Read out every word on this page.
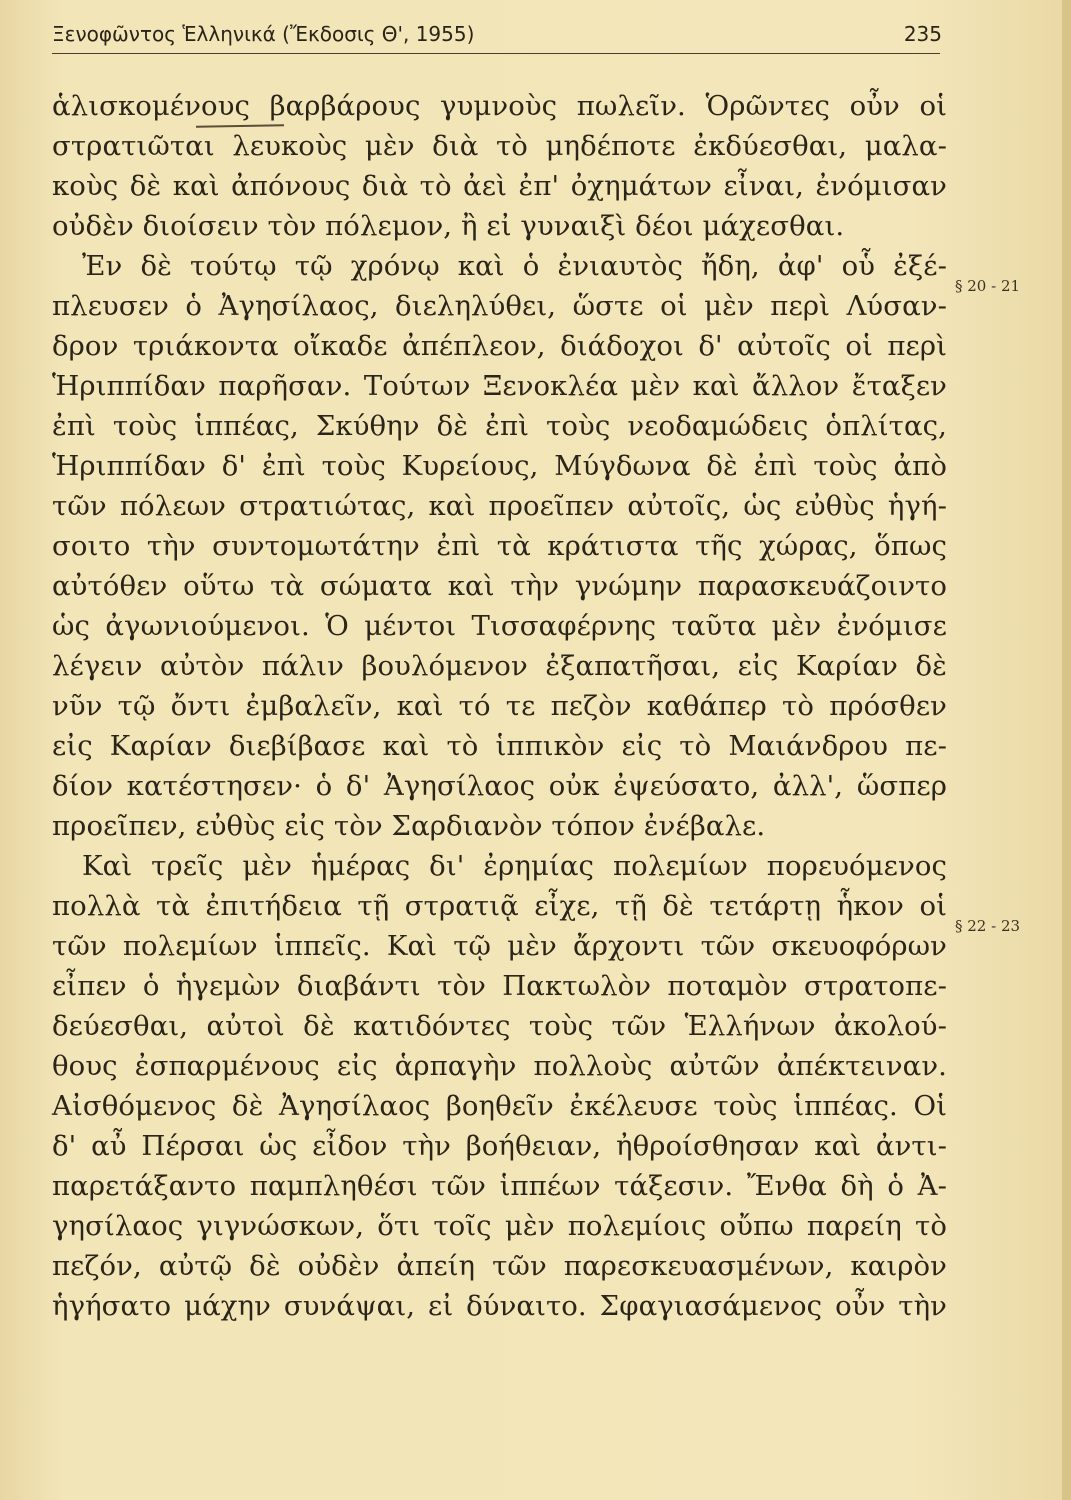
Ξενοφῶντος Ἑλληνικά (Ἔκδοσις Θ', 1955)	235
ἁλισκομένους βαρβάρους γυμνοὺς πωλεῖν. Ὁρῶντες οὖν οἱ
στρατιῶται λευκοὺς μὲν διὰ τὸ μηδέποτε ἐκδύεσθαι, μαλα-
κοὺς δὲ καὶ ἀπόνους διὰ τὸ ἀεὶ ἐπ' ὀχημάτων εἶναι, ἐνόμισαν
οὐδὲν διοίσειν τὸν πόλεμον, ἢ εἰ γυναιξὶ δέοι μάχεσθαι.
Ἐν δὲ τούτῳ τῷ χρόνῳ καὶ ὁ ἐνιαυτὸς ἤδη, ἀφ' οὗ ἐξέ-
πλευσεν ὁ Ἀγησίλαος, διεληλύθει, ὥστε οἱ μὲν περὶ Λύσαν-
δρον τριάκοντα οἴκαδε ἀπέπλεον, διάδοχοι δ' αὐτοῖς οἱ περὶ
Ἡριππίδαν παρῆσαν. Τούτων Ξενοκλέα μὲν καὶ ἄλλον ἔταξεν
ἐπὶ τοὺς ἱππέας, Σκύθην δὲ ἐπὶ τοὺς νεοδαμώδεις ὁπλίτας,
Ἡριππίδαν δ' ἐπὶ τοὺς Κυρείους, Μύγδωνα δὲ ἐπὶ τοὺς ἀπὸ
τῶν πόλεων στρατιώτας, καὶ προεῖπεν αὐτοῖς, ὡς εὐθὺς ἡγή-
σοιτο τὴν συντομωτάτην ἐπὶ τὰ κράτιστα τῆς χώρας, ὅπως
αὐτόθεν οὕτω τὰ σώματα καὶ τὴν γνώμην παρασκευάζοιντο
ὡς ἀγωνιούμενοι. Ὁ μέντοι Τισσαφέρνης ταῦτα μὲν ἐνόμισε
λέγειν αὐτὸν πάλιν βουλόμενον ἐξαπατῆσαι, εἰς Καρίαν δὲ
νῦν τῷ ὄντι ἐμβαλεῖν, καὶ τό τε πεζὸν καθάπερ τὸ πρόσθεν
εἰς Καρίαν διεβίβασε καὶ τὸ ἱππικὸν εἰς τὸ Μαιάνδρου πε-
δίον κατέστησεν· ὁ δ' Ἀγησίλαος οὐκ ἐψεύσατο, ἀλλ', ὥσπερ
προεῖπεν, εὐθὺς εἰς τὸν Σαρδιανὸν τόπον ἐνέβαλε.
Καὶ τρεῖς μὲν ἡμέρας δι' ἐρημίας πολεμίων πορευόμενος
πολλὰ τὰ ἐπιτήδεια τῇ στρατιᾷ εἶχε, τῇ δὲ τετάρτῃ ἧκον οἱ
τῶν πολεμίων ἱππεῖς. Καὶ τῷ μὲν ἄρχοντι τῶν σκευοφόρων
εἶπεν ὁ ἡγεμὼν διαβάντι τὸν Πακτωλὸν ποταμὸν στρατοπε-
δεύεσθαι, αὐτοὶ δὲ κατιδόντες τοὺς τῶν Ἑλλήνων ἀκολού-
θους ἐσπαρμένους εἰς ἁρπαγὴν πολλοὺς αὐτῶν ἀπέκτειναν.
Αἰσθόμενος δὲ Ἀγησίλαος βοηθεῖν ἐκέλευσε τοὺς ἱππέας. Οἱ
δ' αὖ Πέρσαι ὡς εἶδον τὴν βοήθειαν, ἠθροίσθησαν καὶ ἀντι-
παρετάξαντο παμπληθέσι τῶν ἱππέων τάξεσιν. Ἔνθα δὴ ὁ Ἀ-
γησίλαος γιγνώσκων, ὅτι τοῖς μὲν πολεμίοις οὔπω παρείη τὸ
πεζόν, αὐτῷ δὲ οὐδὲν ἀπείη τῶν παρεσκευασμένων, καιρὸν
ἡγήσατο μάχην συνάψαι, εἰ δύναιτο. Σφαγιασάμενος οὖν τὴν
§ 20 - 21
§ 22 - 23
